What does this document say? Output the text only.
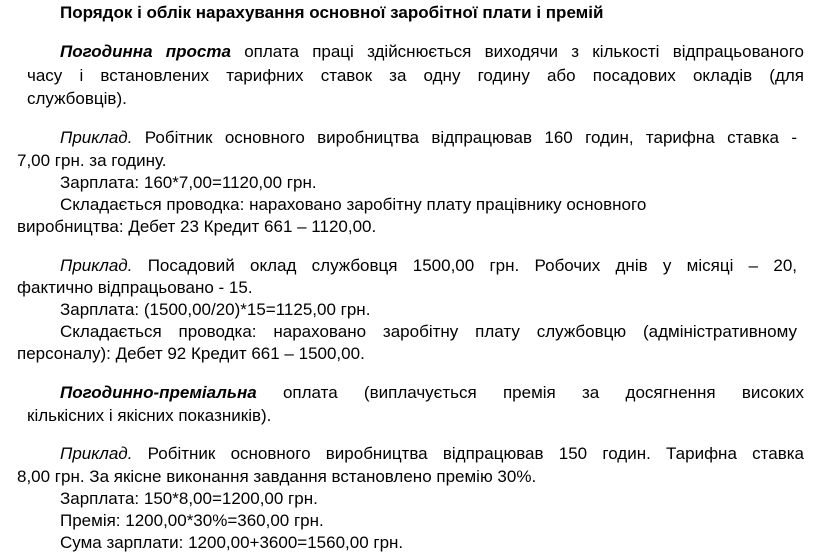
Порядок і облік нарахування основної заробітної плати і премій
Погодинна проста оплата праці здійснюється виходячи з кількості відпрацьованого
часу і встановлених тарифних ставок за одну годину або посадових окладів (для
службовців).
Приклад. Робітник основного виробництва відпрацював 160 годин, тарифна ставка -
7,00 грн. за годину.
Зарплата: 160*7,00=1120,00 грн.
Складається проводка: нараховано заробітну плату працівнику основного
виробництва: Дебет 23 Кредит 661 – 1120,00.
Приклад. Посадовий оклад службовця 1500,00 грн. Робочих днів у місяці – 20,
фактично відпрацьовано - 15.
Зарплата: (1500,00/20)*15=1125,00 грн.
Складається проводка: нараховано заробітну плату службовцю (адміністративному
персоналу): Дебет 92 Кредит 661 – 1500,00.
Погодинно-преміальна оплата (виплачується премія за досягнення високих
кількісних і якісних показників).
Приклад. Робітник основного виробництва відпрацював 150 годин. Тарифна ставка
8,00 грн. За якісне виконання завдання встановлено премію 30%.
Зарплата: 150*8,00=1200,00 грн.
Премія: 1200,00*30%=360,00 грн.
Сума зарплати: 1200,00+3600=1560,00 грн.
